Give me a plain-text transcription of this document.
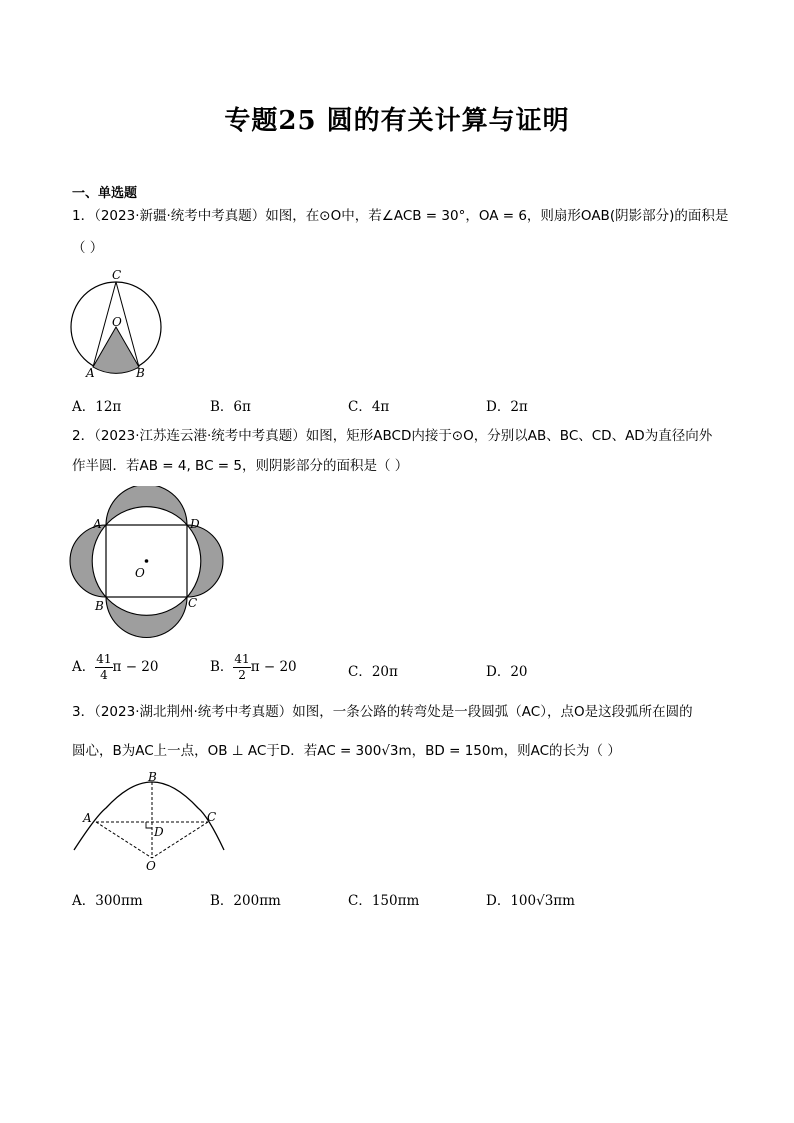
专题25 圆的有关计算与证明
一、单选题
1．（2023·新疆·统考中考真题）如图，在⊙O中，若∠ACB = 30°，OA = 6，则扇形OAB(阴影部分)的面积是
（ ）
C
O
A	B
A．12π	B．6π	C．4π	D．2π
2．（2023·江苏连云港·统考中考真题）如图，矩形ABCD内接于⊙O，分别以AB、BC、CD、AD为直径向外
作半圆．若AB = 4, BC = 5，则阴影部分的面积是（ ）
A	D
O
B	C
A． $\frac{41}{4}$ π − 20	B． $\frac{41}{2}$ π − 20	C．20π	D．20
3．（2023·湖北荆州·统考中考真题）如图，一条公路的转弯处是一段圆弧（AC），点O是这段弧所在圆的
圆心，B为AC上一点，OB ⊥ AC于D．若AC = 300√3m，BD = 150m，则AC的长为（ ）
B
A	C
D
O
A．300πm	B．200πm	C．150πm	D．100√3πm
